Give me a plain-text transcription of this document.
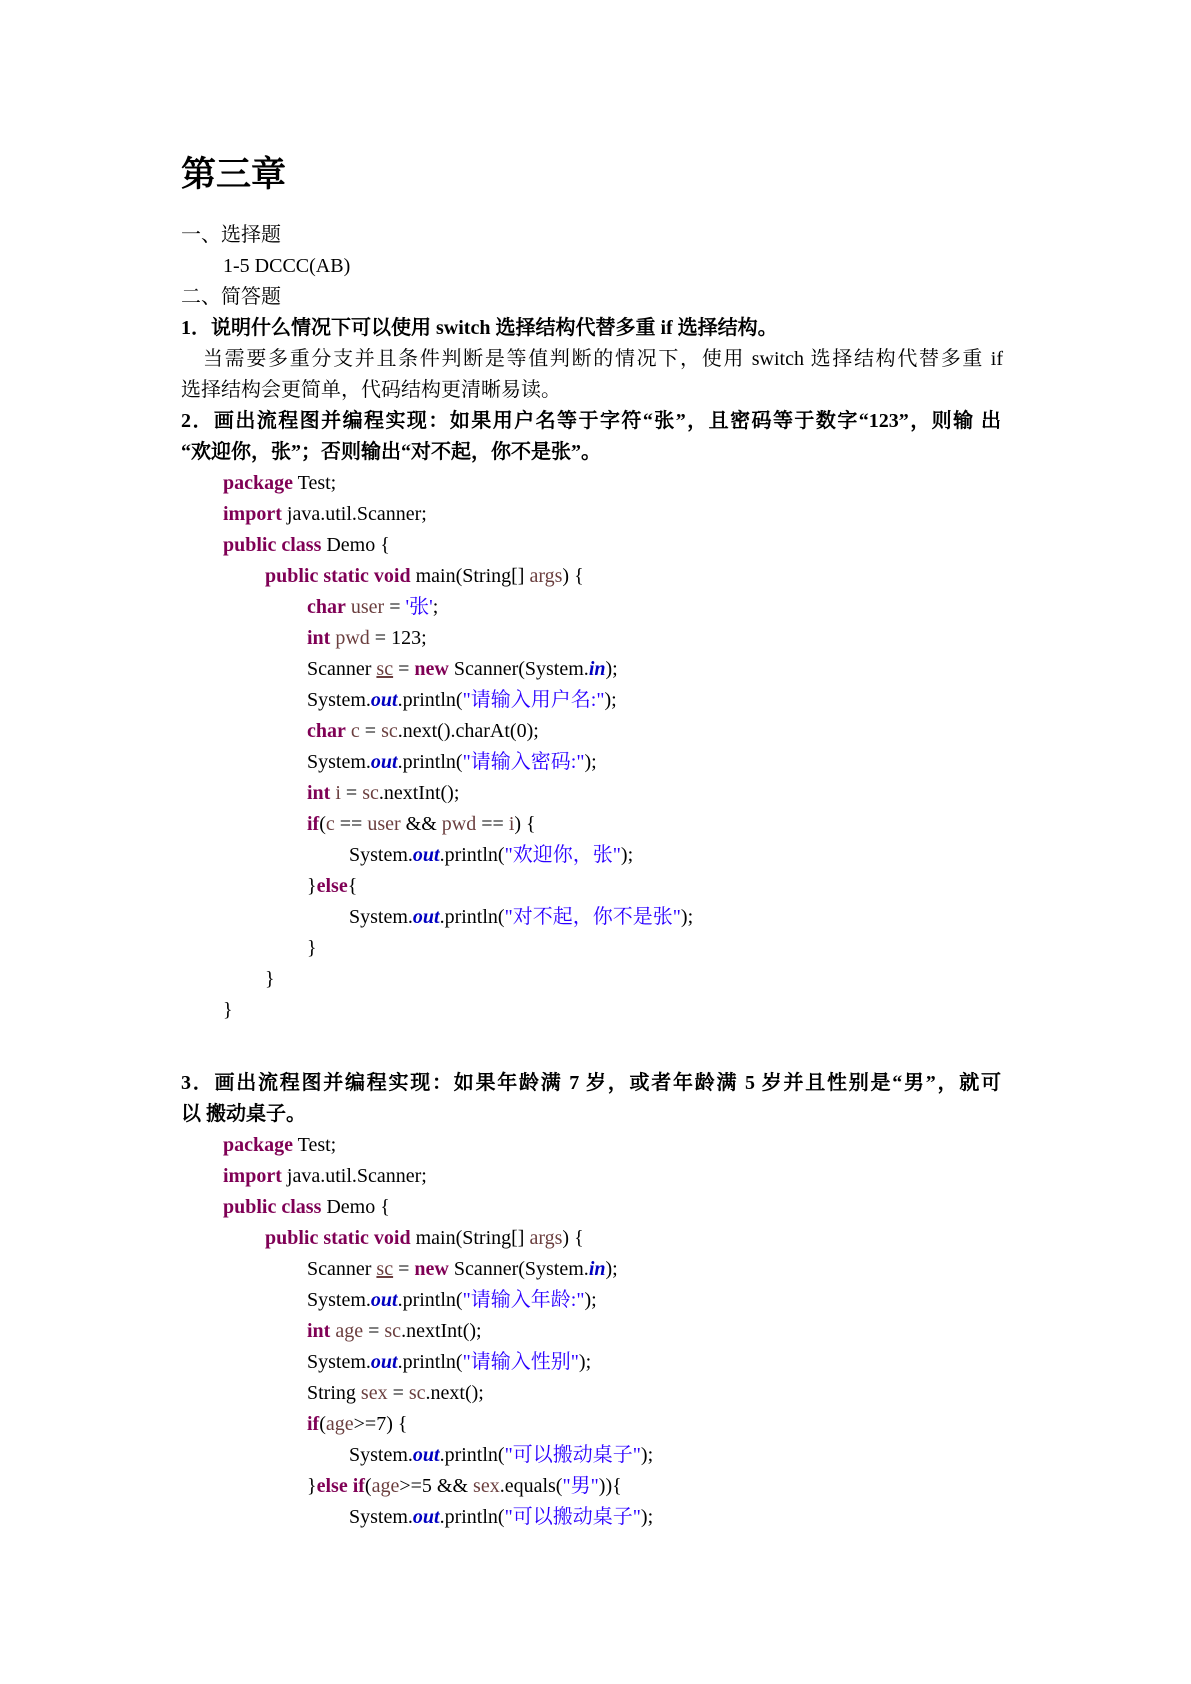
第三章
一、选择题
1-5 DCCC(AB)
二、简答题
1．说明什么情况下可以使用 switch 选择结构代替多重 if 选择结构。
当需要多重分支并且条件判断是等值判断的情况下，使用 switch 选择结构代替多重 if
选择结构会更简单，代码结构更清晰易读。
2．画出流程图并编程实现：如果用户名等于字符“张”，且密码等于数字“123”，则输 出
“欢迎你，张”；否则输出“对不起，你不是张”。
package Test;
import java.util.Scanner;
public class Demo {
public static void main(String[] args) {
char user = '张';
int pwd = 123;
Scanner sc = new Scanner(System.in);
System.out.println("请输入用户名:");
char c = sc.next().charAt(0);
System.out.println("请输入密码:");
int i = sc.nextInt();
if(c == user && pwd == i) {
System.out.println("欢迎你，张");
}else{
System.out.println("对不起，你不是张");
}
}
}
3．画出流程图并编程实现：如果年龄满 7 岁，或者年龄满 5 岁并且性别是“男”，就可
以 搬动桌子。
package Test;
import java.util.Scanner;
public class Demo {
public static void main(String[] args) {
Scanner sc = new Scanner(System.in);
System.out.println("请输入年龄:");
int age = sc.nextInt();
System.out.println("请输入性别");
String sex = sc.next();
if(age>=7) {
System.out.println("可以搬动桌子");
}else if(age>=5 && sex.equals("男")){
System.out.println("可以搬动桌子");
